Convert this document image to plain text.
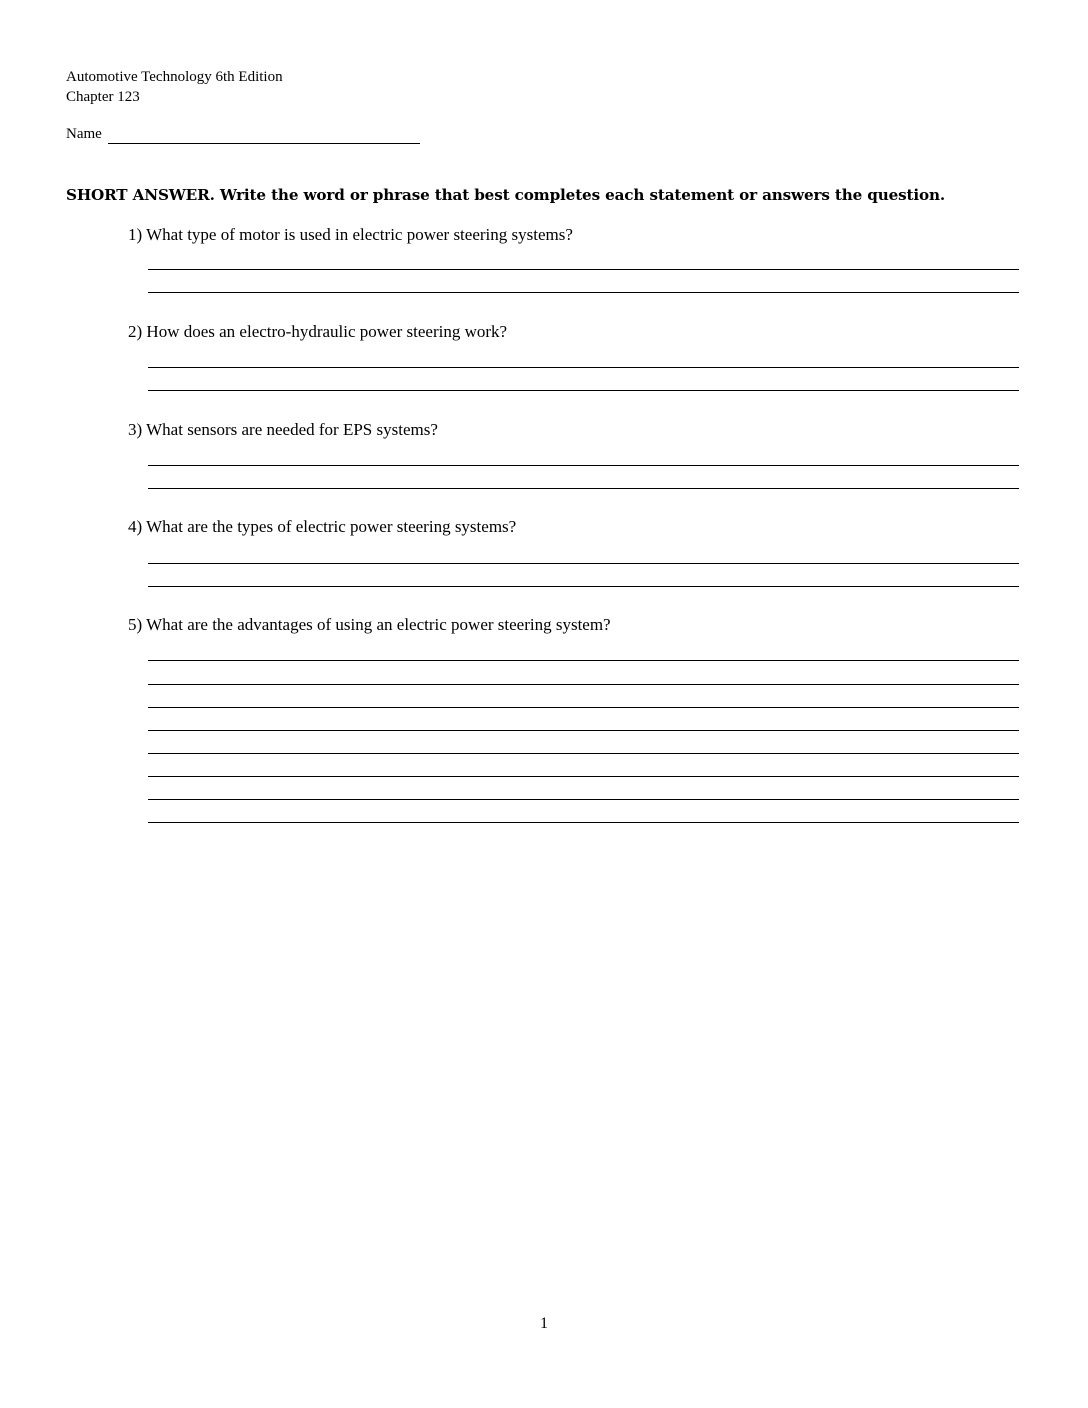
Automotive Technology 6th Edition
Chapter 123
Name
SHORT ANSWER. Write the word or phrase that best completes each statement or answers the question.
1) What type of motor is used in electric power steering systems?
2) How does an electro-hydraulic power steering work?
3) What sensors are needed for EPS systems?
4) What are the types of electric power steering systems?
5) What are the advantages of using an electric power steering system?
1
